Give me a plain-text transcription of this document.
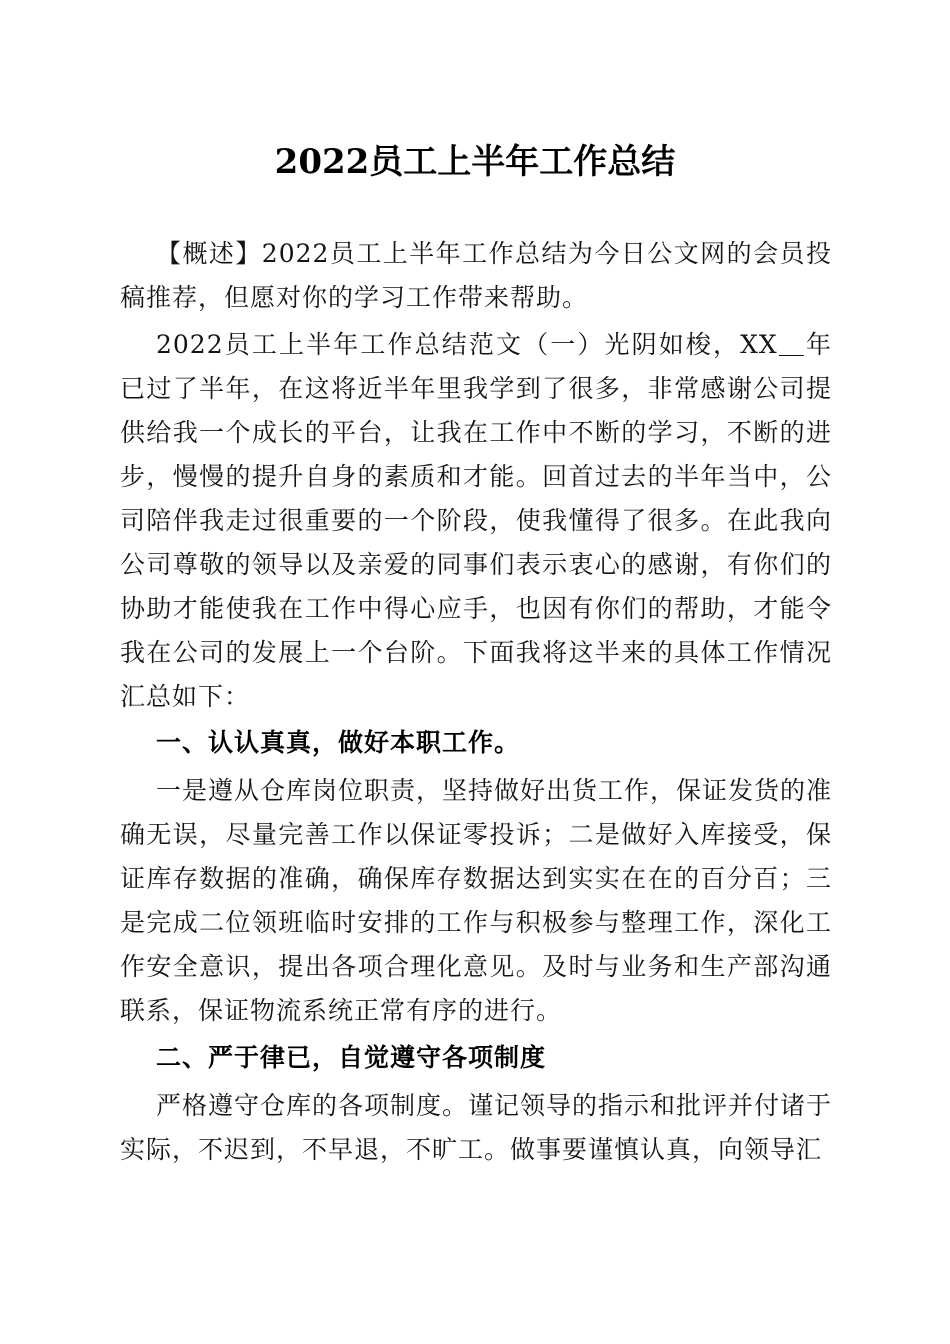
2022员工上半年工作总结

【概述】2022员工上半年工作总结为今日公文网的会员投稿推荐，但愿对你的学习工作带来帮助。

2022员工上半年工作总结范文（一）光阴如梭，XX＿年已过了半年，在这将近半年里我学到了很多，非常感谢公司提供给我一个成长的平台，让我在工作中不断的学习，不断的进步，慢慢的提升自身的素质和才能。回首过去的半年当中，公司陪伴我走过很重要的一个阶段，使我懂得了很多。在此我向公司尊敬的领导以及亲爱的同事们表示衷心的感谢，有你们的协助才能使我在工作中得心应手，也因有你们的帮助，才能令我在公司的发展上一个台阶。下面我将这半来的具体工作情况汇总如下：

一、认认真真，做好本职工作。

一是遵从仓库岗位职责，坚持做好出货工作，保证发货的准确无误，尽量完善工作以保证零投诉；二是做好入库接受，保证库存数据的准确，确保库存数据达到实实在在的百分百；三是完成二位领班临时安排的工作与积极参与整理工作，深化工作安全意识，提出各项合理化意见。及时与业务和生产部沟通联系，保证物流系统正常有序的进行。

二、严于律已，自觉遵守各项制度

严格遵守仓库的各项制度。谨记领导的指示和批评并付诸于实际，不迟到，不早退，不旷工。做事要谨慎认真，向领导汇
